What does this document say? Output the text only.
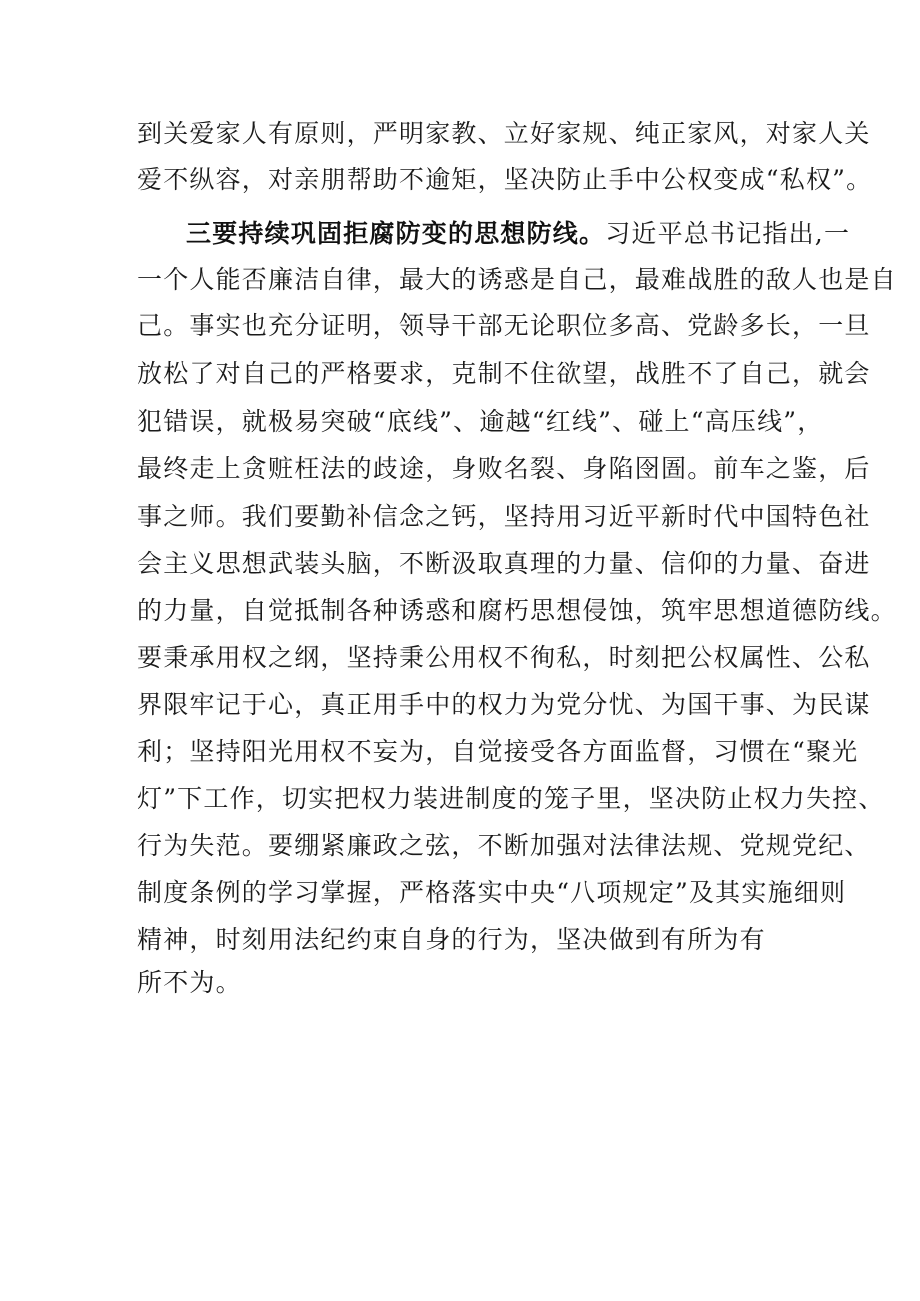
到关爱家人有原则，严明家教、立好家规、纯正家风，对家人关
爱不纵容，对亲朋帮助不逾矩，坚决防止手中公权变成“私权”。
三要持续巩固拒腐防变的思想防线。习近平总书记指出,一
一个人能否廉洁自律，最大的诱惑是自己，最难战胜的敌人也是自
己。事实也充分证明，领导干部无论职位多高、党龄多长，一旦
放松了对自己的严格要求，克制不住欲望，战胜不了自己，就会
犯错误，就极易突破“底线”、逾越“红线”、碰上“高压线”，
最终走上贪赃枉法的歧途，身败名裂、身陷囹圄。前车之鉴，后
事之师。我们要勤补信念之钙，坚持用习近平新时代中国特色社
会主义思想武装头脑，不断汲取真理的力量、信仰的力量、奋进
的力量，自觉抵制各种诱惑和腐朽思想侵蚀，筑牢思想道德防线。
要秉承用权之纲，坚持秉公用权不徇私，时刻把公权属性、公私
界限牢记于心，真正用手中的权力为党分忧、为国干事、为民谋
利；坚持阳光用权不妄为，自觉接受各方面监督，习惯在“聚光
灯”下工作，切实把权力装进制度的笼子里，坚决防止权力失控、
行为失范。要绷紧廉政之弦，不断加强对法律法规、党规党纪、
制度条例的学习掌握，严格落实中央“八项规定”及其实施细则
精神，时刻用法纪约束自身的行为，坚决做到有所为有
所不为。
